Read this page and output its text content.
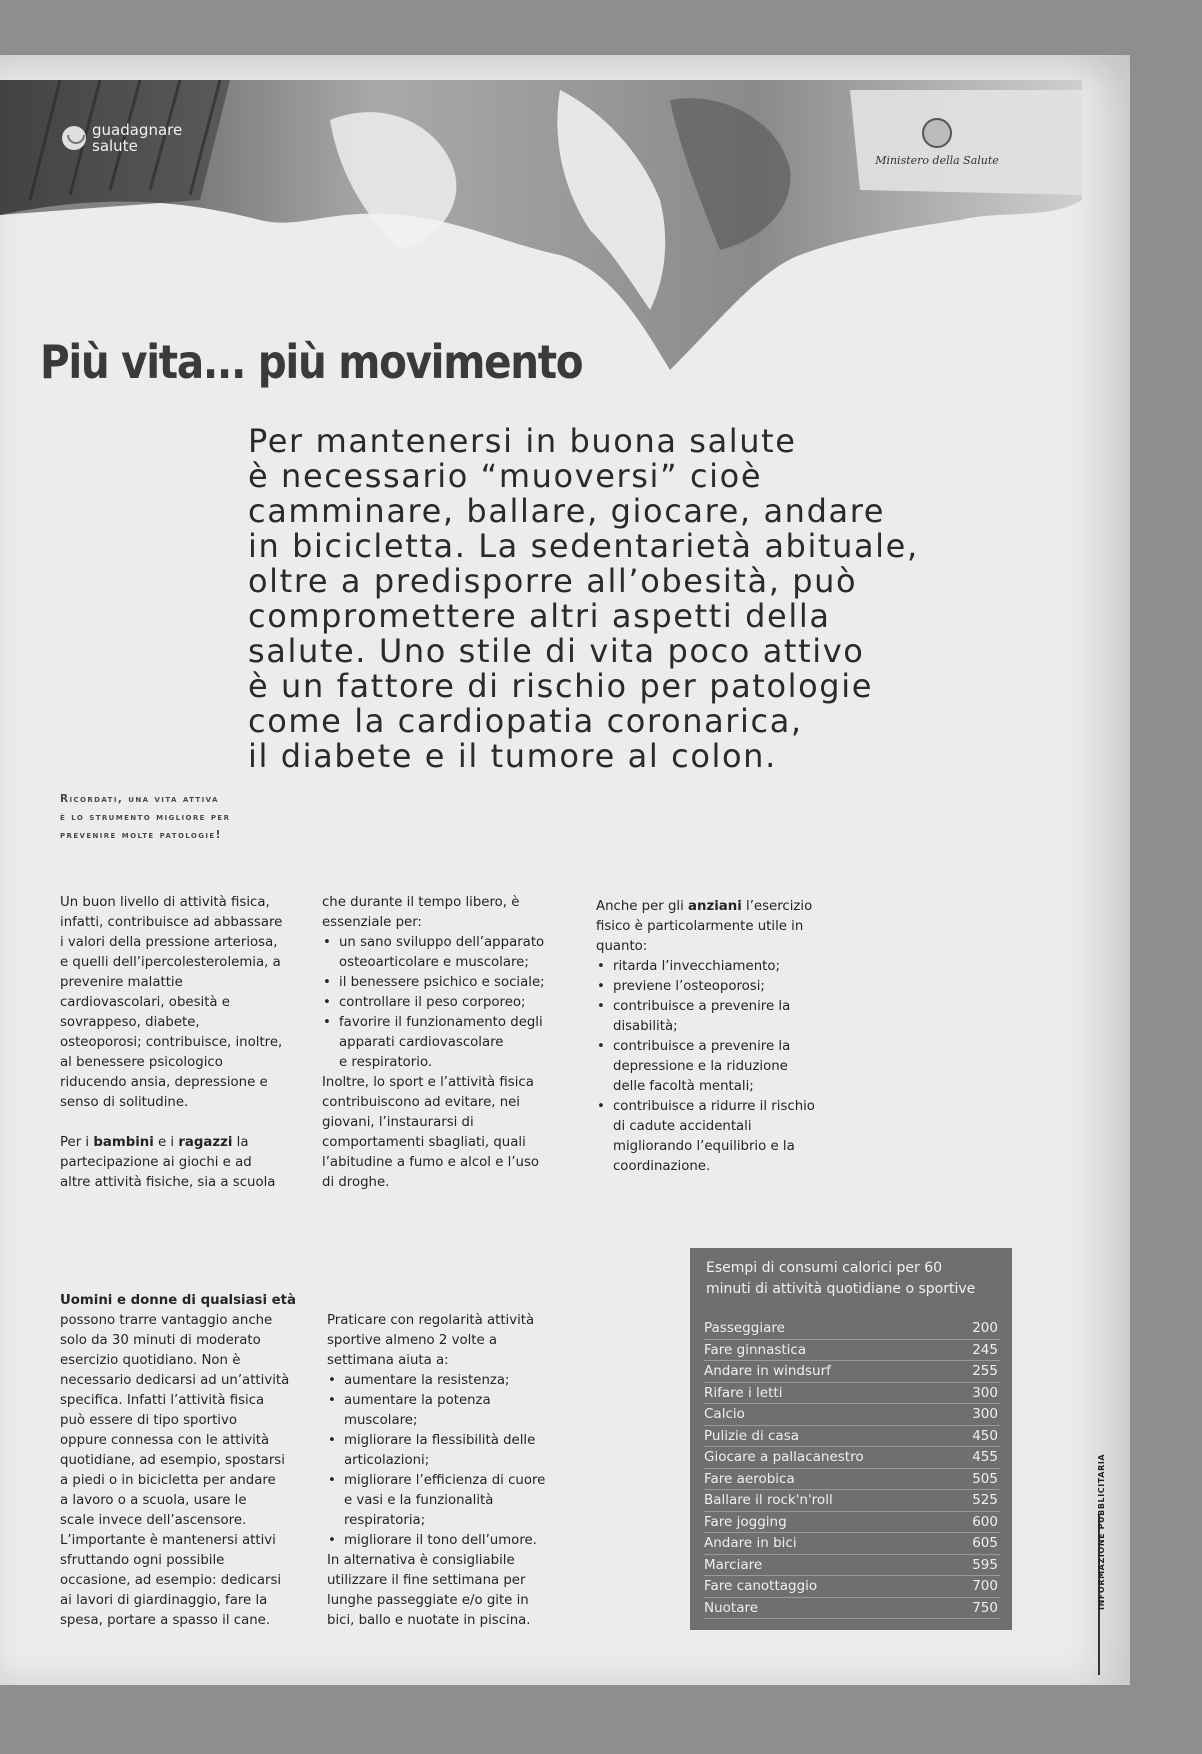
guadagnare salute
Ministero della Salute
Più vita... più movimento
Per mantenersi in buona salute
è necessario “muoversi” cioè
camminare, ballare, giocare, andare
in bicicletta. La sedentarietà abituale,
oltre a predisporre all’obesità, può
compromettere altri aspetti della
salute. Uno stile di vita poco attivo
è un fattore di rischio per patologie
come la cardiopatia coronarica,
il diabete e il tumore al colon.
Ricordati, una vita attiva
è lo strumento migliore per
prevenire molte patologie!
Un buon livello di attività fisica,
infatti, contribuisce ad abbassare
i valori della pressione arteriosa,
e quelli dell’ipercolesterolemia, a
prevenire malattie
cardiovascolari, obesità e
sovrappeso, diabete,
osteoporosi; contribuisce, inoltre,
al benessere psicologico
riducendo ansia, depressione e
senso di solitudine.
Per i bambini e i ragazzi la
partecipazione ai giochi e ad
altre attività fisiche, sia a scuola
che durante il tempo libero, è
essenziale per:
• un sano sviluppo dell’apparato
osteoarticolare e muscolare;
• il benessere psichico e sociale;
• controllare il peso corporeo;
• favorire il funzionamento degli
apparati cardiovascolare
e respiratorio.
Inoltre, lo sport e l’attività fisica
contribuiscono ad evitare, nei
giovani, l’instaurarsi di
comportamenti sbagliati, quali
l’abitudine a fumo e alcol e l’uso
di droghe.
Anche per gli anziani l’esercizio
fisico è particolarmente utile in
quanto:
• ritarda l’invecchiamento;
• previene l’osteoporosi;
• contribuisce a prevenire la
disabilità;
• contribuisce a prevenire la
depressione e la riduzione
delle facoltà mentali;
• contribuisce a ridurre il rischio
di cadute accidentali
migliorando l’equilibrio e la
coordinazione.
Uomini e donne di qualsiasi età
possono trarre vantaggio anche
solo da 30 minuti di moderato
esercizio quotidiano. Non è
necessario dedicarsi ad un’attività
specifica. Infatti l’attività fisica
può essere di tipo sportivo
oppure connessa con le attività
quotidiane, ad esempio, spostarsi
a piedi o in bicicletta per andare
a lavoro o a scuola, usare le
scale invece dell’ascensore.
L’importante è mantenersi attivi
sfruttando ogni possibile
occasione, ad esempio: dedicarsi
ai lavori di giardinaggio, fare la
spesa, portare a spasso il cane.
Praticare con regolarità attività
sportive almeno 2 volte a
settimana aiuta a:
• aumentare la resistenza;
• aumentare la potenza
muscolare;
• migliorare la flessibilità delle
articolazioni;
• migliorare l’efficienza di cuore
e vasi e la funzionalità
respiratoria;
• migliorare il tono dell’umore.
In alternativa è consigliabile
utilizzare il fine settimana per
lunghe passeggiate e/o gite in
bici, ballo e nuotate in piscina.
Esempi di consumi calorici per 60
minuti di attività quotidiane o sportive
Passeggiare	200
Fare ginnastica	245
Andare in windsurf	255
Rifare i letti	300
Calcio	300
Pulizie di casa	450
Giocare a pallacanestro	455
Fare aerobica	505
Ballare il rock'n'roll	525
Fare jogging	600
Andare in bici	605
Marciare	595
Fare canottaggio	700
Nuotare	750	INFORMAZIONE PUBBLICITARIA
